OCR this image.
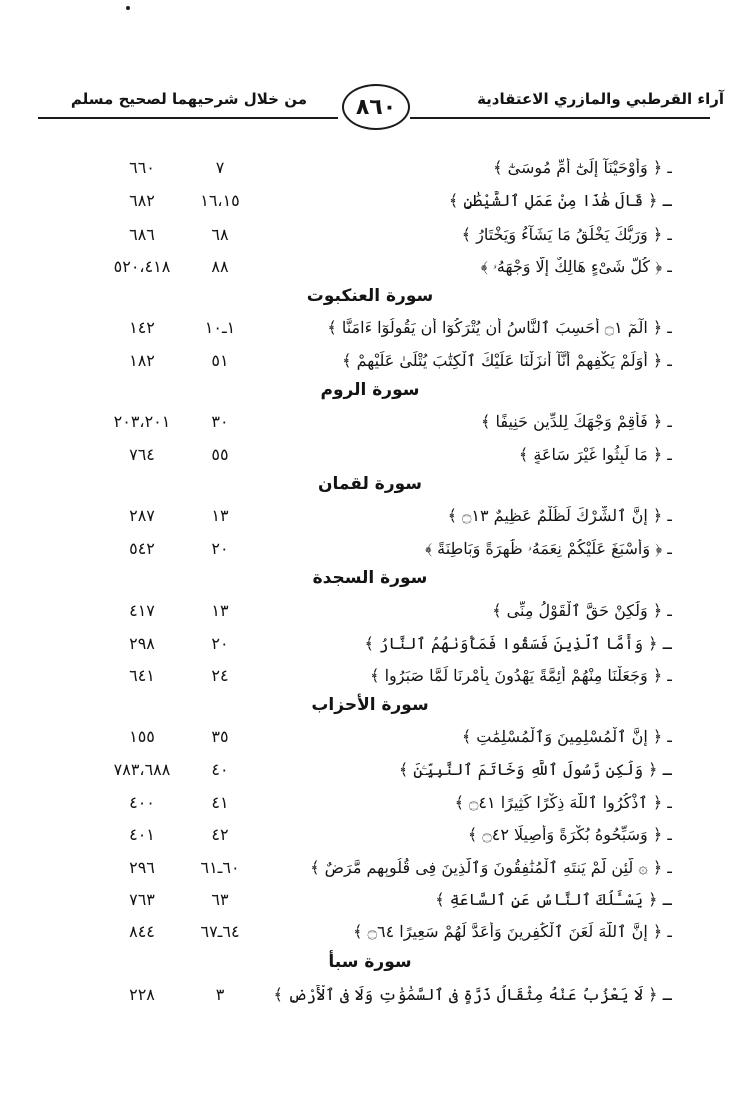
من خلال شرحيهما لصحيح مسلم	٨٦٠	آراء القرطبي والمازري الاعتقادية
٦٦٠	٧	ـ ﴿ وَأَوْحَيْنَآ إِلَىٰٓ أُمِّ مُوسَىٰٓ ﴾
٦٨٢	١٦،١٥	ـ ﴿ قَالَ هَٰذَا مِنْ عَمَلِ ٱلشَّيْطَٰنِ ﴾
٦٨٦	٦٨	ـ ﴿ وَرَبُّكَ يَخْلُقُ مَا يَشَآءُ وَيَخْتَارُ ﴾
٥٢٠،٤١٨	٨٨	ـ ﴿ كُلُّ شَىْءٍ هَالِكٌ إِلَّا وَجْهَهُۥ ﴾
سورة العنكبوت
١٤٢	١ـ١٠	ـ ﴿ الٓمٓ ۝١ أَحَسِبَ ٱلنَّاسُ أَن يُتْرَكُوٓا أَن يَقُولُوٓا ءَامَنَّا ﴾
١٨٢	٥١	ـ ﴿ أَوَلَمْ يَكْفِهِمْ أَنَّآ أَنزَلْنَا عَلَيْكَ ٱلْكِتَٰبَ يُتْلَىٰ عَلَيْهِمْ ﴾
سورة الروم
٢٠٣،٢٠١	٣٠	ـ ﴿ فَأَقِمْ وَجْهَكَ لِلدِّينِ حَنِيفًا ﴾
٧٦٤	٥٥	ـ ﴿ مَا لَبِثُوا غَيْرَ سَاعَةٍ ﴾
سورة لقمان
٢٨٧	١٣	ـ ﴿ إِنَّ ٱلشِّرْكَ لَظُلْمٌ عَظِيمٌ ۝١٣ ﴾
٥٤٢	٢٠	ـ ﴿ وَأَسْبَغَ عَلَيْكُمْ نِعَمَهُۥ ظَٰهِرَةً وَبَاطِنَةً ﴾
سورة السجدة
٤١٧	١٣	ـ ﴿ وَلَٰكِنْ حَقَّ ٱلْقَوْلُ مِنِّى ﴾
٢٩٨	٢٠	ـ ﴿ وَأَمَّا ٱلَّذِينَ فَسَقُوا فَمَأْوَىٰهُمُ ٱلنَّارُ ﴾
٦٤١	٢٤	ـ ﴿ وَجَعَلْنَا مِنْهُمْ أَئِمَّةً يَهْدُونَ بِأَمْرِنَا لَمَّا صَبَرُوا ﴾
سورة الأحزاب
١٥٥	٣٥	ـ ﴿ إِنَّ ٱلْمُسْلِمِينَ وَٱلْمُسْلِمَٰتِ ﴾
٧٨٣،٦٨٨	٤٠	ـ ﴿ وَلَٰكِن رَّسُولَ ٱللَّهِ وَخَاتَمَ ٱلنَّبِيِّـۧنَ ﴾
٤٠٠	٤١	ـ ﴿ ٱذْكُرُوا ٱللَّهَ ذِكْرًا كَثِيرًا ۝٤١ ﴾
٤٠١	٤٢	ـ ﴿ وَسَبِّحُوهُ بُكْرَةً وَأَصِيلًا ۝٤٢ ﴾
٢٩٦	٦٠ـ٦١	ـ ﴿ ۞ لَّئِن لَّمْ يَنتَهِ ٱلْمُنَٰفِقُونَ وَٱلَّذِينَ فِى قُلُوبِهِم مَّرَضٌ ﴾
٧٦٣	٦٣	ـ ﴿ يَسْـَٔلُكَ ٱلنَّاسُ عَنِ ٱلسَّاعَةِ ﴾
٨٤٤	٦٤ـ٦٧	ـ ﴿ إِنَّ ٱللَّهَ لَعَنَ ٱلْكَٰفِرِينَ وَأَعَدَّ لَهُمْ سَعِيرًا ۝٦٤ ﴾
سورة سبأ
٢٢٨	٣	ـ ﴿ لَا يَعْزُبُ عَنْهُ مِثْقَالُ ذَرَّةٍ فِى ٱلسَّمَٰوَٰتِ وَلَا فِى ٱلْأَرْضِ ﴾
